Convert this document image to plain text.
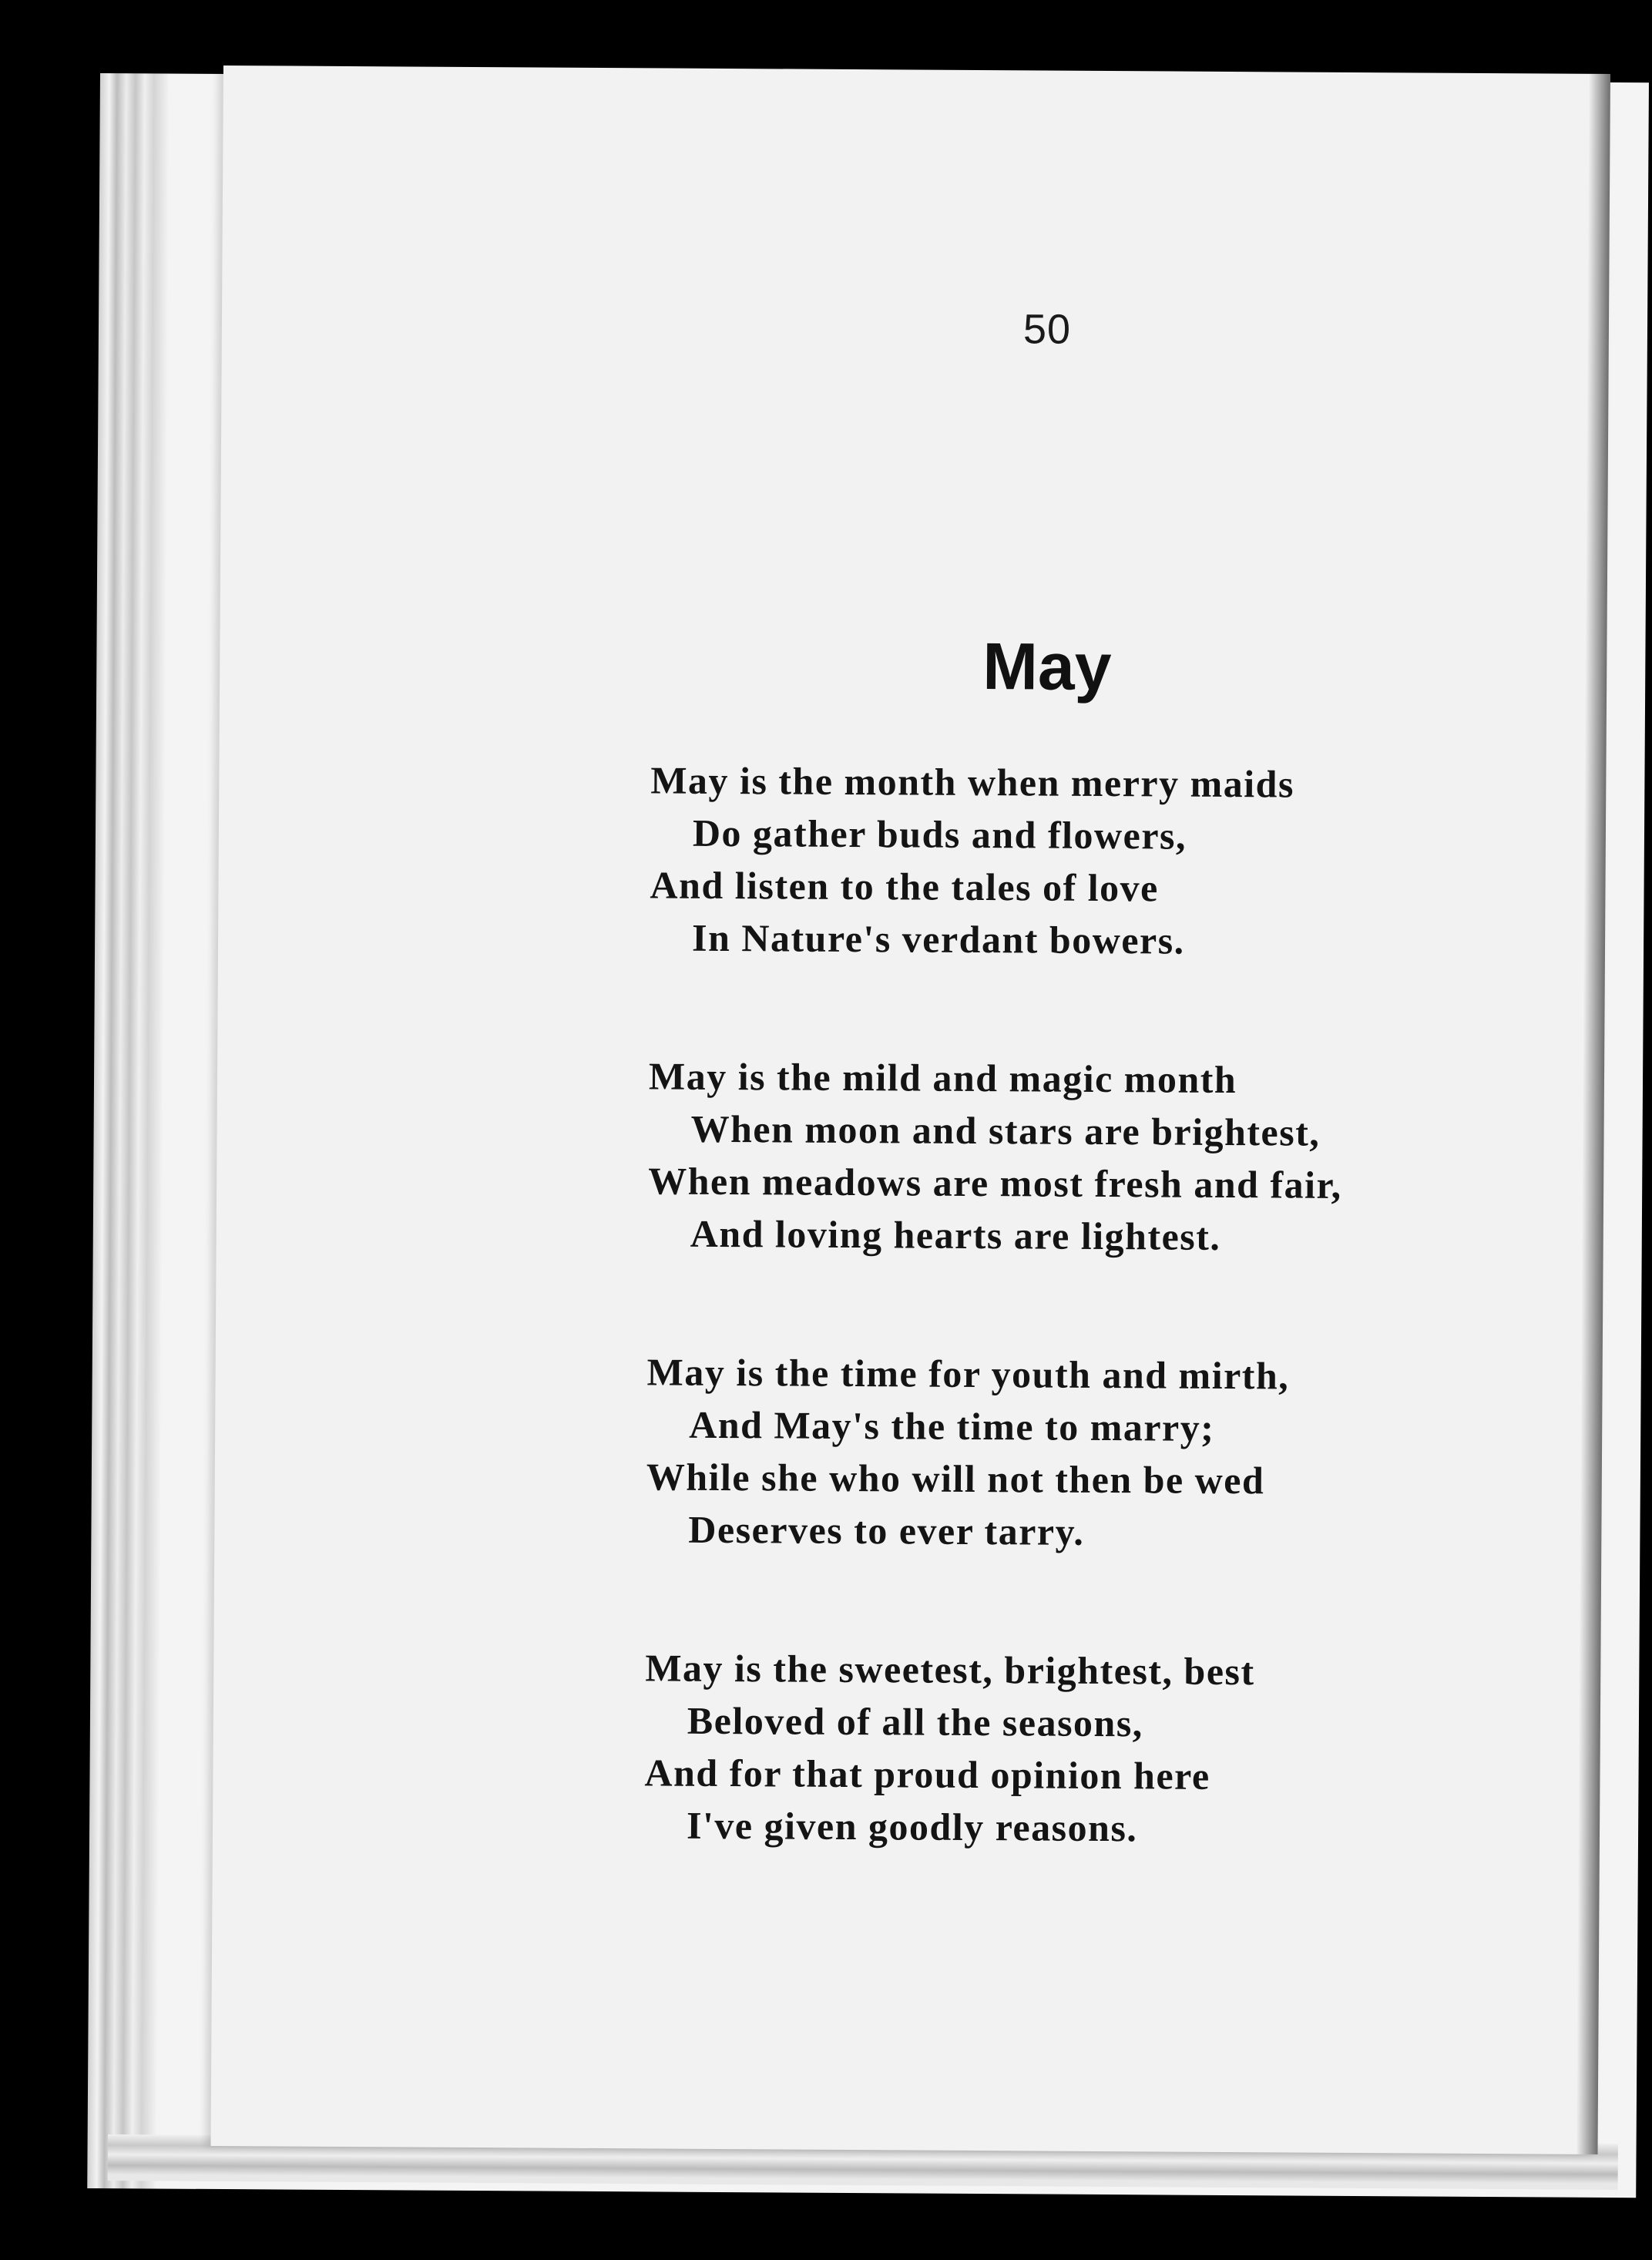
50
May
May is the month when merry maids
Do gather buds and flowers,
And listen to the tales of love
In Nature's verdant bowers.
May is the mild and magic month
When moon and stars are brightest,
When meadows are most fresh and fair,
And loving hearts are lightest.
May is the time for youth and mirth,
And May's the time to marry;
While she who will not then be wed
Deserves to ever tarry.
May is the sweetest, brightest, best
Beloved of all the seasons,
And for that proud opinion here
I've given goodly reasons.
